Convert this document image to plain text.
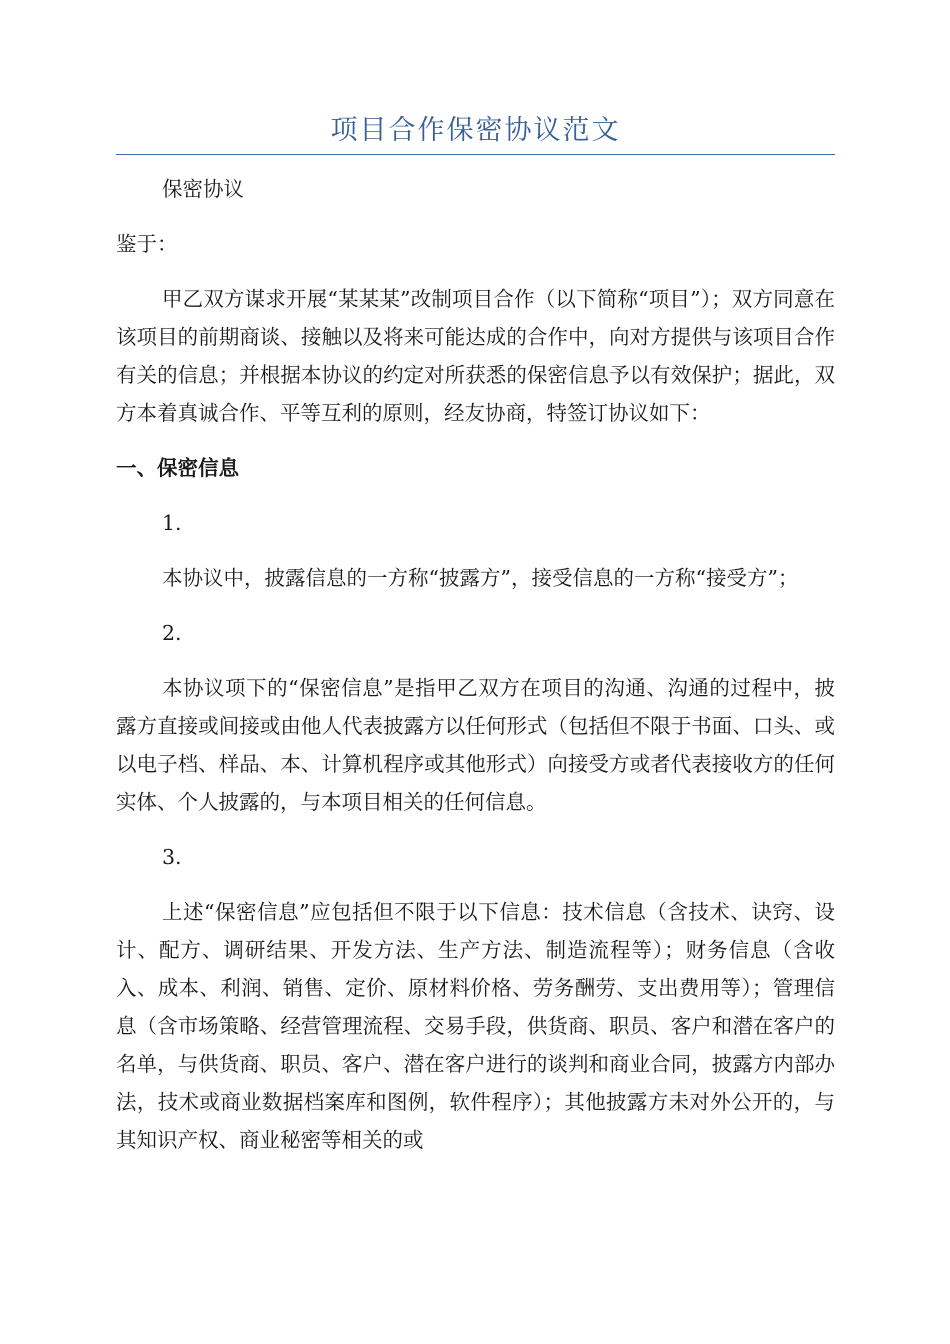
项目合作保密协议范文

保密协议

鉴于：

甲乙双方谋求开展“某某某”改制项目合作（以下简称“项目”）；双方同意在该项目的前期商谈、接触以及将来可能达成的合作中，向对方提供与该项目合作有关的信息；并根据本协议的约定对所获悉的保密信息予以有效保护；据此，双方本着真诚合作、平等互利的原则，经友协商，特签订协议如下：

一、保密信息

1.

本协议中，披露信息的一方称“披露方”，接受信息的一方称“接受方”；

2.

本协议项下的“保密信息”是指甲乙双方在项目的沟通、沟通的过程中，披露方直接或间接或由他人代表披露方以任何形式（包括但不限于书面、口头、或以电子档、样品、本、计算机程序或其他形式）向接受方或者代表接收方的任何实体、个人披露的，与本项目相关的任何信息。

3.

上述“保密信息”应包括但不限于以下信息：技术信息（含技术、诀窍、设计、配方、调研结果、开发方法、生产方法、制造流程等）；财务信息（含收入、成本、利润、销售、定价、原材料价格、劳务酬劳、支出费用等）；管理信息（含市场策略、经营管理流程、交易手段，供货商、职员、客户和潜在客户的名单，与供货商、职员、客户、潜在客户进行的谈判和商业合同，披露方内部办法，技术或商业数据档案库和图例，软件程序）；其他披露方未对外公开的，与其知识产权、商业秘密等相关的或
